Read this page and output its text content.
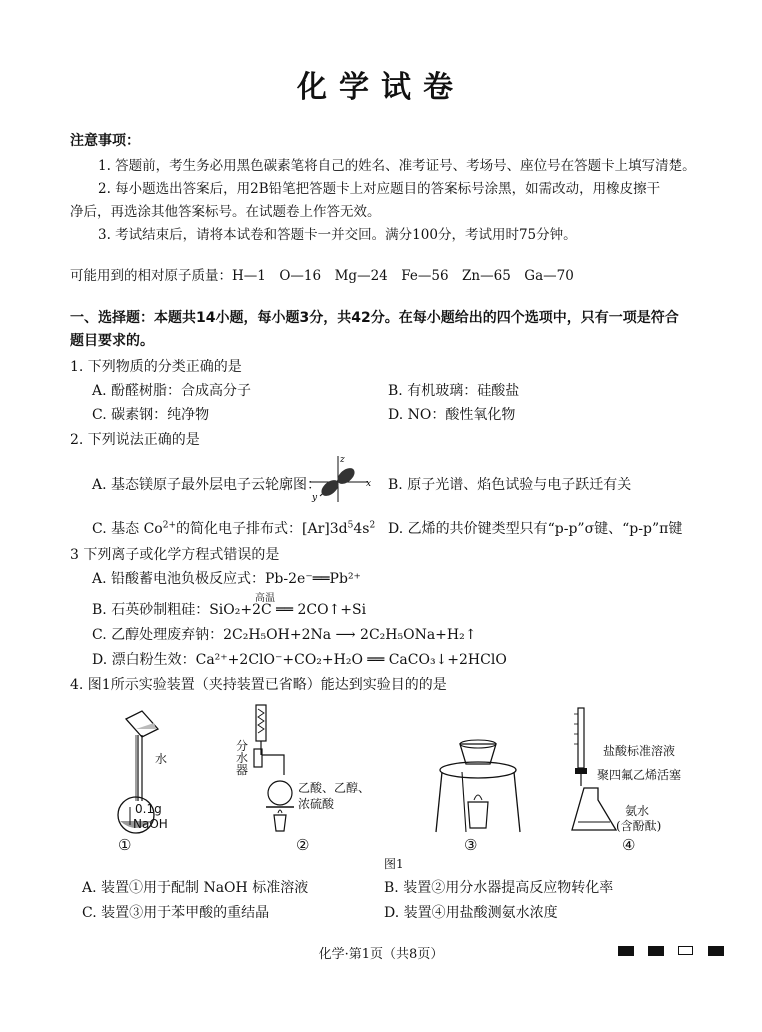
化学试卷
注意事项：
1. 答题前，考生务必用黑色碳素笔将自己的姓名、准考证号、考场号、座位号在答题卡上填写清楚。
2. 每小题选出答案后，用2B铅笔把答题卡上对应题目的答案标号涂黑，如需改动，用橡皮擦干
净后，再选涂其他答案标号。在试题卷上作答无效。
3. 考试结束后，请将本试卷和答题卡一并交回。满分100分，考试用时75分钟。
可能用到的相对原子质量：H—1　O—16　Mg—24　Fe—56　Zn—65　Ga—70
一、选择题：本题共14小题，每小题3分，共42分。在每小题给出的四个选项中，只有一项是符合
题目要求的。
1. 下列物质的分类正确的是
A. 酚醛树脂：合成高分子	B. 有机玻璃：硅酸盐
C. 碳素钢：纯净物	D. NO：酸性氧化物
2. 下列说法正确的是
A. 基态镁原子最外层电子云轮廓图：
z
x
y
B. 原子光谱、焰色试验与电子跃迁有关
C. 基态 $Co^{2+}$的简化电子排布式：$[Ar]3d^54s^2$ D. 乙烯的共价键类型只有“p-p”σ键、“p-p”π键
3 下列离子或化学方程式错误的是
A. 铅酸蓄电池负极反应式：Pb-2e⁻══Pb²⁺
高温
B. 石英砂制粗硅：SiO₂+2C ══ 2CO↑+Si
C. 乙醇处理废弃钠：2C₂H₅OH+2Na ⟶ 2C₂H₅ONa+H₂↑
D. 漂白粉生效：Ca²⁺+2ClO⁻+CO₂+H₂O ══ CaCO₃↓+2HClO
4. 图1所示实验装置（夹持装置已省略）能达到实验目的的是
水
0.1g
NaOH
分
水
器
乙酸、乙醇、
浓硫酸
盐酸标准溶液
聚四氟乙烯活塞
氨水
(含酚酞)
①	②	③	④
图1
A. 装置①用于配制 NaOH 标准溶液	B. 装置②用分水器提高反应物转化率
C. 装置③用于苯甲酸的重结晶	D. 装置④用盐酸测氨水浓度
化学·第1页（共8页）
